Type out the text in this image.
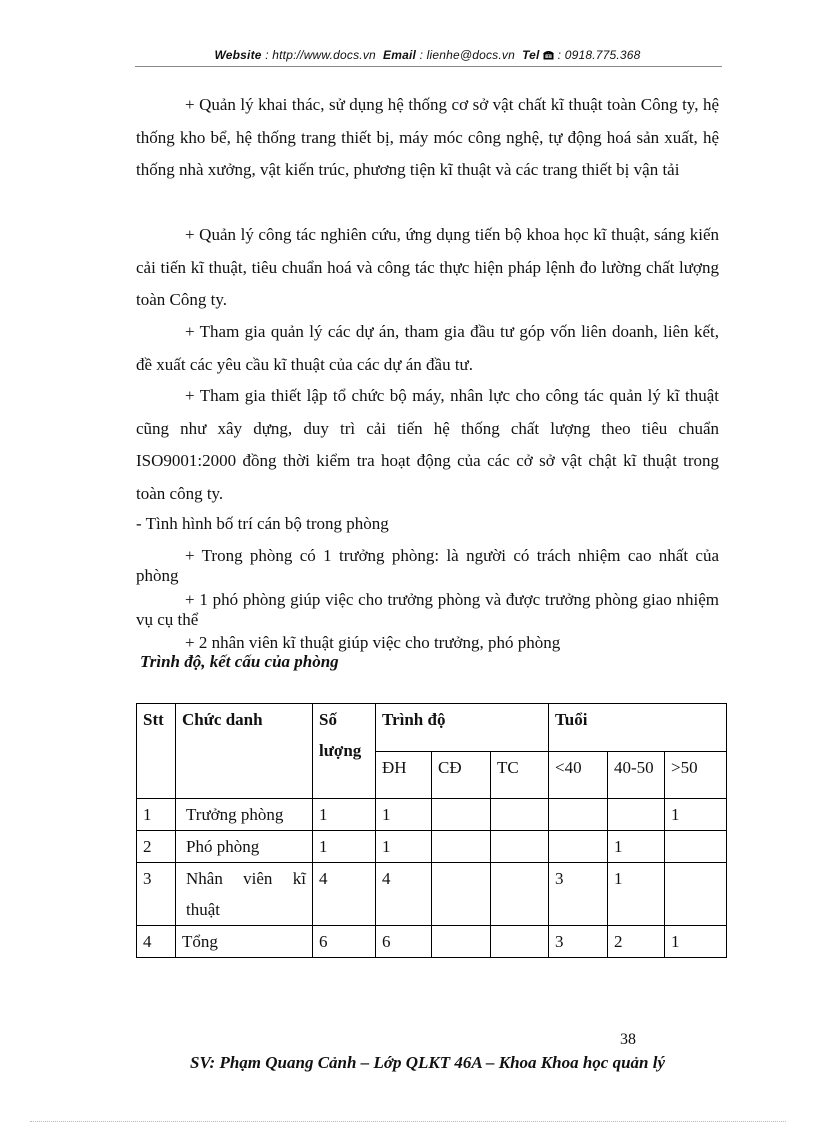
Website : http://www.docs.vn Email : lienhe@docs.vn Tel : 0918.775.368

+ Quản lý khai thác, sử dụng hệ thống cơ sở vật chất kĩ thuật toàn Công ty, hệ thống kho bể, hệ thống trang thiết bị, máy móc công nghệ, tự động hoá sản xuất, hệ thống nhà xưởng, vật kiến trúc, phương tiện kĩ thuật và các trang thiết bị vận tải

+ Quản lý công tác nghiên cứu, ứng dụng tiến bộ khoa học kĩ thuật, sáng kiến cải tiến kĩ thuật, tiêu chuẩn hoá và công tác thực hiện pháp lệnh đo lường chất lượng toàn Công ty.

+ Tham gia quản lý các dự án, tham gia đầu tư góp vốn liên doanh, liên kết, đề xuất các yêu cầu kĩ thuật của các dự án đầu tư.

+ Tham gia thiết lập tổ chức bộ máy, nhân lực cho công tác quản lý kĩ thuật cũng như xây dựng, duy trì cải tiến hệ thống chất lượng theo tiêu chuẩn ISO9001:2000 đồng thời kiểm tra hoạt động của các cở sở vật chật kĩ thuật trong toàn công ty.

- Tình hình bố trí cán bộ trong phòng

+ Trong phòng có 1 trưởng phòng: là người có trách nhiệm cao nhất của phòng

+ 1 phó phòng giúp việc cho trưởng phòng và được trưởng phòng giao nhiệm vụ cụ thể

+ 2 nhân viên kĩ thuật giúp việc cho trưởng, phó phòng
Trình độ, kết cấu của phòng
Stt	Chức danh	Số lượng	Trình độ			Tuổi		
			ĐH	CĐ	TC	<40	40-50	>50
1	Trưởng phòng	1	1					1
2	Phó phòng	1	1				1	
3	Nhân viên kĩ thuật	4	4			3	1	
4	Tổng	6	6			3	2	1
38
SV: Phạm Quang Cảnh – Lớp QLKT 46A – Khoa Khoa học quản lý
